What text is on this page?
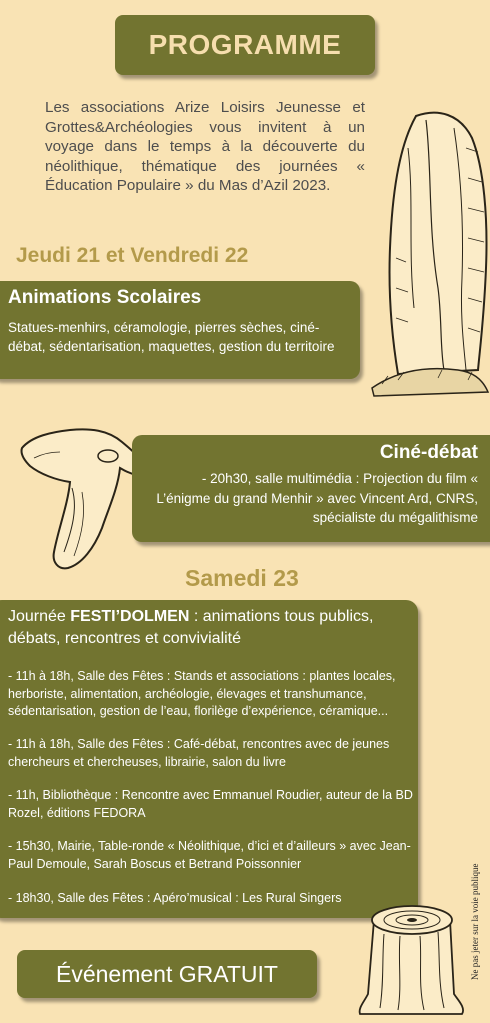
PROGRAMME
Les associations Arize Loisirs Jeunesse et Grottes&Archéologies vous invitent à un voyage dans le temps à la découverte du néolithique, thématique des journées « Éducation Populaire » du Mas d’Azil 2023.
Jeudi 21 et Vendredi 22
Animations Scolaires
Statues-menhirs, céramologie, pierres sèches, ciné-débat, sédentarisation, maquettes, gestion du territoire
Ciné-débat
- 20h30, salle multimédia : Projection du film « L’énigme du grand Menhir » avec Vincent Ard, CNRS, spécialiste du mégalithisme
Samedi 23
Journée FESTI’DOLMEN : animations tous publics, débats, rencontres et convivialité
- 11h à 18h, Salle des Fêtes : Stands et associations : plantes locales, herboriste, alimentation, archéologie, élevages et transhumance, sédentarisation, gestion de l’eau, florilège d’expérience, céramique...
- 11h à 18h, Salle des Fêtes : Café-débat, rencontres avec de jeunes chercheurs et chercheuses, librairie, salon du livre
- 11h, Bibliothèque : Rencontre avec Emmanuel Roudier, auteur de la BD Rozel, éditions FEDORA
- 15h30, Mairie, Table-ronde « Néolithique, d’ici et d’ailleurs » avec Jean-Paul Demoule, Sarah Boscus et Betrand Poissonnier
- 18h30, Salle des Fêtes : Apéro’musical : Les Rural Singers
Événement GRATUIT	Ne pas jeter sur la voie publique
